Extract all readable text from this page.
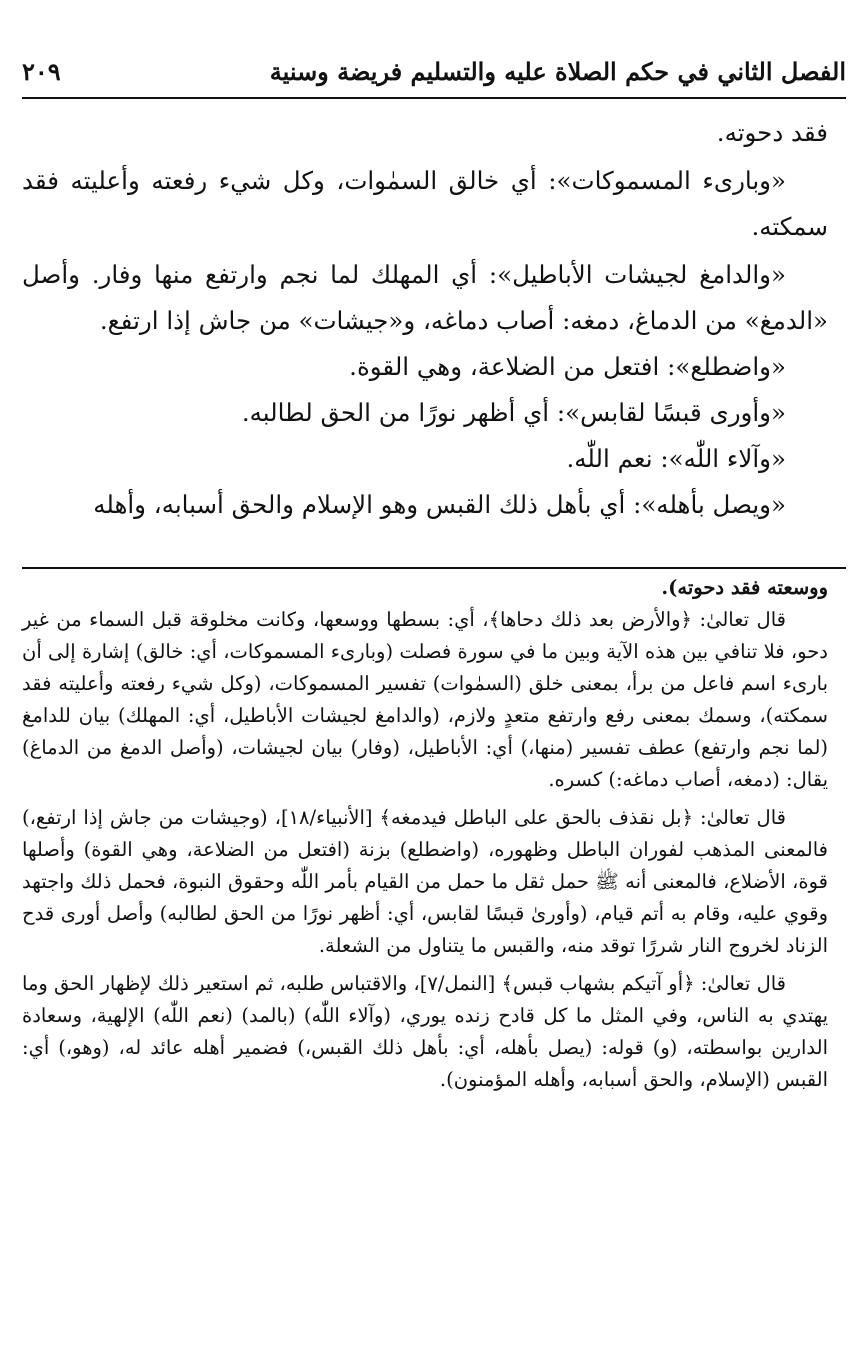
الفصل الثاني في حكم الصلاة عليه والتسليم فريضة وسنية
٢٠٩

فقد دحوته.

«وبارىء المسموكات»: أي خالق السمٰوات، وكل شيء رفعته وأعليته فقد سمكته.

«والدامغ لجيشات الأباطيل»: أي المهلك لما نجم وارتفع منها وفار. وأصل «الدمغ» من الدماغ، دمغه: أصاب دماغه، و«جيشات» من جاش إذا ارتفع.

«واضطلع»: افتعل من الضلاعة، وهي القوة.

«وأورى قبسًا لقابس»: أي أظهر نورًا من الحق لطالبه.

«وآلاء اللّٰه»: نعم اللّٰه.

«ويصل بأهله»: أي بأهل ذلك القبس وهو الإسلام والحق أسبابه، وأهله

ووسعته فقد دحوته).

قال تعالىٰ: ﴿والأرض بعد ذلك دحاها﴾، أي: بسطها ووسعها، وكانت مخلوقة قبل السماء من غير دحو، فلا تنافي بين هذه الآية وبين ما في سورة فصلت (وبارىء المسموكات، أي: خالق) إشارة إلى أن بارىء اسم فاعل من برأ، بمعنى خلق (السمٰوات) تفسير المسموكات، (وكل شيء رفعته وأعليته فقد سمكته)، وسمك بمعنى رفع وارتفع متعدٍ ولازم، (والدامغ لجيشات الأباطيل، أي: المهلك) بيان للدامغ (لما نجم وارتفع) عطف تفسير (منها،) أي: الأباطيل، (وفار) بيان لجيشات، (وأصل الدمغ من الدماغ) يقال: (دمغه، أصاب دماغه:) كسره.

قال تعالىٰ: ﴿بل نقذف بالحق على الباطل فيدمغه﴾ [الأنبياء/١٨]، (وجيشات من جاش إذا ارتفع،) فالمعنى المذهب لفوران الباطل وظهوره، (واضطلع) بزنة (افتعل من الضلاعة، وهي القوة) وأصلها قوة، الأضلاع، فالمعنى أنه ﷺ حمل ثقل ما حمل من القيام بأمر اللّٰه وحقوق النبوة، فحمل ذلك واجتهد وقوي عليه، وقام به أتم قيام، (وأورىٰ قبسًا لقابس، أي: أظهر نورًا من الحق لطالبه) وأصل أورى قدح الزناد لخروج النار شررًا توقد منه، والقبس ما يتناول من الشعلة.

قال تعالىٰ: ﴿أو آتيكم بشهاب قبس﴾ [النمل/٧]، والاقتباس طلبه، ثم استعير ذلك لإظهار الحق وما يهتدي به الناس، وفي المثل ما كل قادح زنده يوري، (وآلاء اللّٰه) (بالمد) (نعم اللّٰه) الإلهية، وسعادة الدارين بواسطته، (و) قوله: (يصل بأهله، أي: بأهل ذلك القبس،) فضمير أهله عائد له، (وهو،) أي: القبس (الإسلام، والحق أسبابه، وأهله المؤمنون).
